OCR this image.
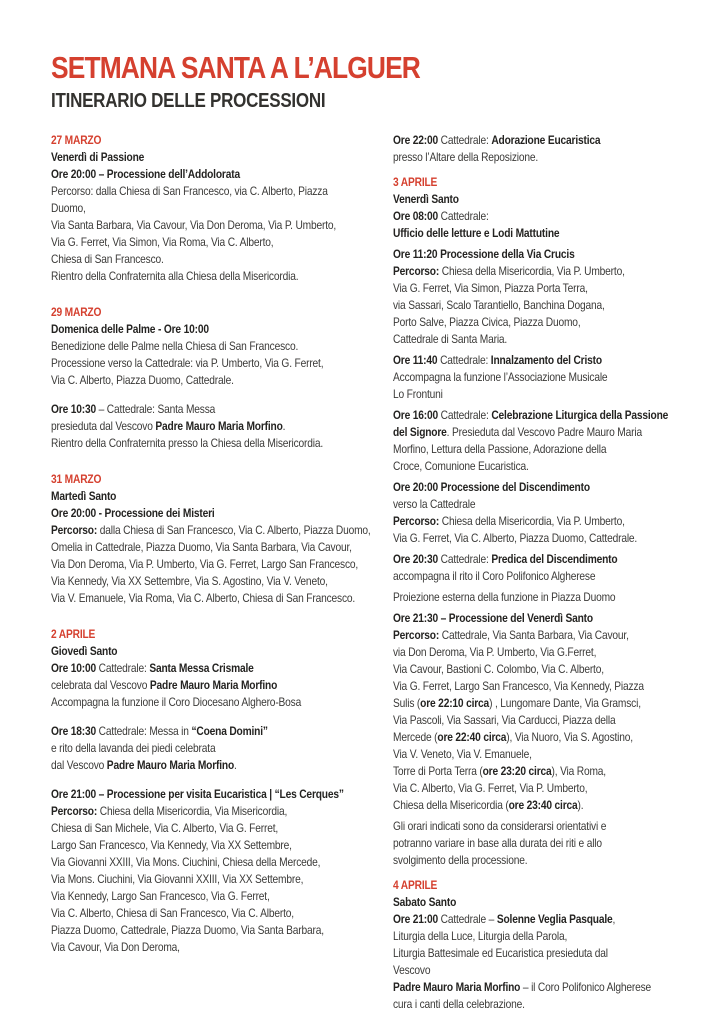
SETMANA SANTA A L’ALGUER
ITINERARIO DELLE PROCESSIONI
27 MARZO
Venerdì di Passione
Ore 20:00 – Processione dell’Addolorata
Percorso: dalla Chiesa di San Francesco, via C. Alberto, Piazza
Duomo,
Via Santa Barbara, Via Cavour, Via Don Deroma, Via P. Umberto,
Via G. Ferret, Via Simon, Via Roma, Via C. Alberto,
Chiesa di San Francesco.
Rientro della Confraternita alla Chiesa della Misericordia.
29 MARZO
Domenica delle Palme - Ore 10:00
Benedizione delle Palme nella Chiesa di San Francesco.
Processione verso la Cattedrale: via P. Umberto, Via G. Ferret,
Via C. Alberto, Piazza Duomo, Cattedrale.
Ore 10:30 – Cattedrale: Santa Messa
presieduta dal Vescovo Padre Mauro Maria Morfino.
Rientro della Confraternita presso la Chiesa della Misericordia.
31 MARZO
Martedì Santo
Ore 20:00 - Processione dei Misteri
Percorso: dalla Chiesa di San Francesco, Via C. Alberto, Piazza Duomo,
Omelia in Cattedrale, Piazza Duomo, Via Santa Barbara, Via Cavour,
Via Don Deroma, Via P. Umberto, Via G. Ferret, Largo San Francesco,
Via Kennedy, Via XX Settembre, Via S. Agostino, Via V. Veneto,
Via V. Emanuele, Via Roma, Via C. Alberto, Chiesa di San Francesco.
2 APRILE
Giovedì Santo
Ore 10:00 Cattedrale: Santa Messa Crismale
celebrata dal Vescovo Padre Mauro Maria Morfino
Accompagna la funzione il Coro Diocesano Alghero-Bosa
Ore 18:30 Cattedrale: Messa in “Coena Domini”
e rito della lavanda dei piedi celebrata
dal Vescovo Padre Mauro Maria Morfino.
Ore 21:00 – Processione per visita Eucaristica | “Les Cerques”
Percorso: Chiesa della Misericordia, Via Misericordia,
Chiesa di San Michele, Via C. Alberto, Via G. Ferret,
Largo San Francesco, Via Kennedy, Via XX Settembre,
Via Giovanni XXIII, Via Mons. Ciuchini, Chiesa della Mercede,
Via Mons. Ciuchini, Via Giovanni XXIII, Via XX Settembre,
Via Kennedy, Largo San Francesco, Via G. Ferret,
Via C. Alberto, Chiesa di San Francesco, Via C. Alberto,
Piazza Duomo, Cattedrale, Piazza Duomo, Via Santa Barbara,
Via Cavour, Via Don Deroma,
Ore 22:00 Cattedrale: Adorazione Eucaristica
presso l’Altare della Reposizione.
3 APRILE
Venerdì Santo
Ore 08:00 Cattedrale:
Ufficio delle letture e Lodi Mattutine
Ore 11:20 Processione della Via Crucis
Percorso: Chiesa della Misericordia, Via P. Umberto,
Via G. Ferret, Via Simon, Piazza Porta Terra,
via Sassari, Scalo Tarantiello, Banchina Dogana,
Porto Salve, Piazza Civica, Piazza Duomo,
Cattedrale di Santa Maria.
Ore 11:40 Cattedrale: Innalzamento del Cristo
Accompagna la funzione l’Associazione Musicale
Lo Frontuni
Ore 16:00 Cattedrale: Celebrazione Liturgica della Passione
del Signore. Presieduta dal Vescovo Padre Mauro Maria
Morfino, Lettura della Passione, Adorazione della
Croce, Comunione Eucaristica.
Ore 20:00 Processione del Discendimento
verso la Cattedrale
Percorso: Chiesa della Misericordia, Via P. Umberto,
Via G. Ferret, Via C. Alberto, Piazza Duomo, Cattedrale.
Ore 20:30 Cattedrale: Predica del Discendimento
accompagna il rito il Coro Polifonico Algherese
Proiezione esterna della funzione in Piazza Duomo
Ore 21:30 – Processione del Venerdì Santo
Percorso: Cattedrale, Via Santa Barbara, Via Cavour,
via Don Deroma, Via P. Umberto, Via G.Ferret,
Via Cavour, Bastioni C. Colombo, Via C. Alberto,
Via G. Ferret, Largo San Francesco, Via Kennedy, Piazza
Sulis (ore 22:10 circa) , Lungomare Dante, Via Gramsci,
Via Pascoli, Via Sassari, Via Carducci, Piazza della
Mercede (ore 22:40 circa), Via Nuoro, Via S. Agostino,
Via V. Veneto, Via V. Emanuele,
Torre di Porta Terra (ore 23:20 circa), Via Roma,
Via C. Alberto, Via G. Ferret, Via P. Umberto,
Chiesa della Misericordia (ore 23:40 circa).
Gli orari indicati sono da considerarsi orientativi e
potranno variare in base alla durata dei riti e allo
svolgimento della processione.
4 APRILE
Sabato Santo
Ore 21:00 Cattedrale – Solenne Veglia Pasquale,
Liturgia della Luce, Liturgia della Parola,
Liturgia Battesimale ed Eucaristica presieduta dal
Vescovo
Padre Mauro Maria Morfino – il Coro Polifonico Algherese
cura i canti della celebrazione.
